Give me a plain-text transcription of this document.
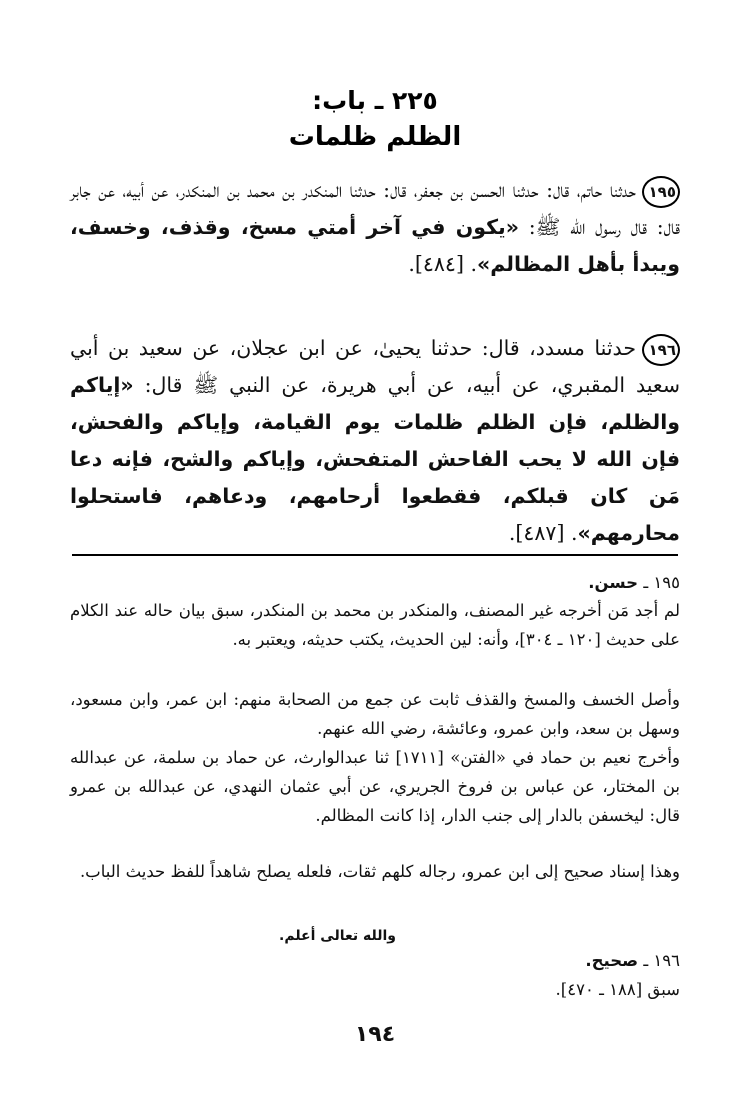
٢٢٥ ـ باب:
الظلم ظلمات
١٩٥حدثنا حاتم، قال: حدثنا الحسن بن جعفر، قال: حدثنا المنكدر بن محمد بن المنكدر، عن أبيه، عن جابر قال: قال رسول الله ﷺ: «يكون في آخر أمتي مسخ، وقذف، وخسف، ويبدأ بأهل المظالم». [٤٨٤].
١٩٦حدثنا مسدد، قال: حدثنا يحيىٰ، عن ابن عجلان، عن سعيد بن أبي سعيد المقبري، عن أبيه، عن أبي هريرة، عن النبي ﷺ قال: «إياكم والظلم، فإن الظلم ظلمات يوم القيامة، وإياكم والفحش، فإن الله لا يحب الفاحش المتفحش، وإياكم والشح، فإنه دعا مَن كان قبلكم، فقطعوا أرحامهم، ودعاهم، فاستحلوا محارمهم». [٤٨٧].
١٩٥ ـ حسن.
لم أجد مَن أخرجه غير المصنف، والمنكدر بن محمد بن المنكدر، سبق بيان حاله عند الكلام على حديث [١٢٠ ـ ٣٠٤]، وأنه: لين الحديث، يكتب حديثه، ويعتبر به.
وأصل الخسف والمسخ والقذف ثابت عن جمع من الصحابة منهم: ابن عمر، وابن مسعود، وسهل بن سعد، وابن عمرو، وعائشة، رضي الله عنهم.
وأخرج نعيم بن حماد في «الفتن» [١٧١١] ثنا عبدالوارث، عن حماد بن سلمة، عن عبدالله بن المختار، عن عباس بن فروخ الجريري، عن أبي عثمان النهدي، عن عبدالله بن عمرو قال: ليخسفن بالدار إلى جنب الدار، إذا كانت المظالم.
وهذا إسناد صحيح إلى ابن عمرو، رجاله كلهم ثقات، فلعله يصلح شاهداً للفظ حديث الباب.
والله تعالى أعلم.
١٩٦ ـ صحيح.
سبق [١٨٨ ـ ٤٧٠].
١٩٤
